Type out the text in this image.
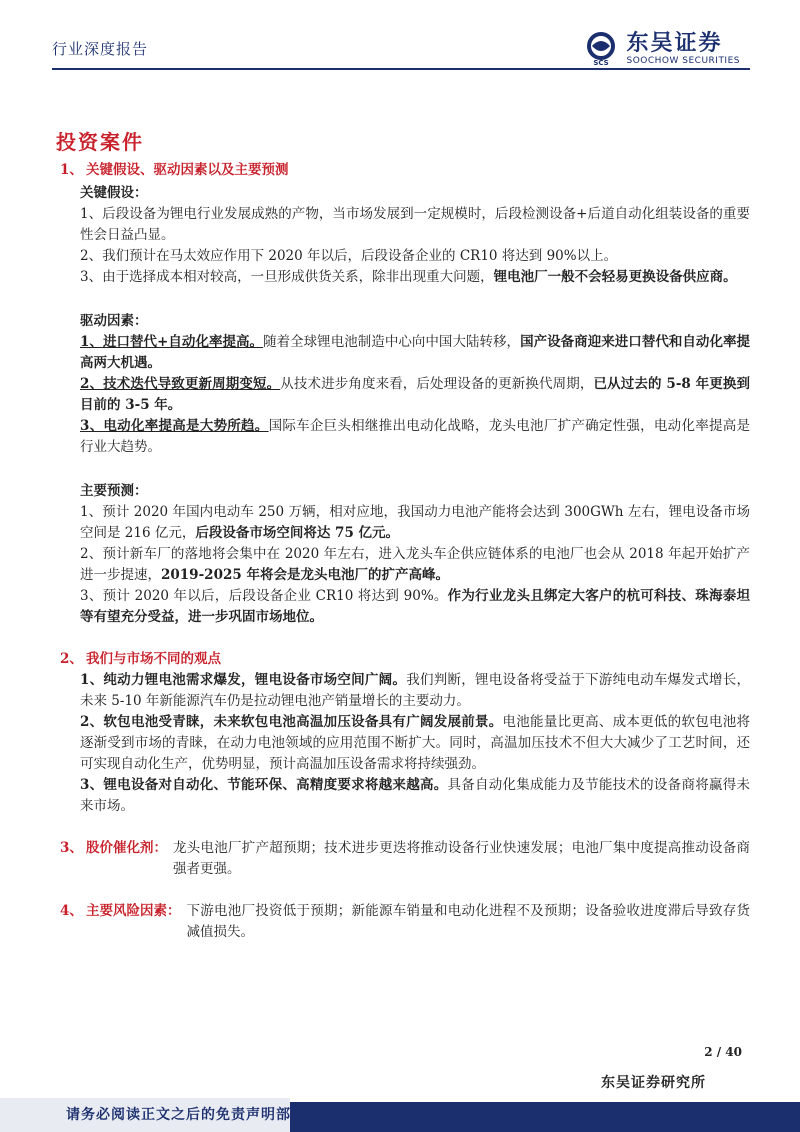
行业深度报告
SCS
东吴证券
SOOCHOW SECURITIES
投资案件

1、 关键假设、驱动因素以及主要预测

关键假设：

1、后段设备为锂电行业发展成熟的产物，当市场发展到一定规模时，后段检测设备+后道自动化组装设备的重要性会日益凸显。

2、我们预计在马太效应作用下 2020 年以后，后段设备企业的 CR10 将达到 90%以上。

3、由于选择成本相对较高，一旦形成供货关系，除非出现重大问题，锂电池厂一般不会轻易更换设备供应商。

驱动因素：

1、进口替代+自动化率提高。随着全球锂电池制造中心向中国大陆转移，国产设备商迎来进口替代和自动化率提高两大机遇。

2、技术迭代导致更新周期变短。从技术进步角度来看，后处理设备的更新换代周期，已从过去的 5-8 年更换到目前的 3-5 年。

3、电动化率提高是大势所趋。国际车企巨头相继推出电动化战略，龙头电池厂扩产确定性强，电动化率提高是行业大趋势。

主要预测：

1、预计 2020 年国内电动车 250 万辆，相对应地，我国动力电池产能将会达到 300GWh 左右，锂电设备市场空间是 216 亿元，后段设备市场空间将达 75 亿元。

2、预计新车厂的落地将会集中在 2020 年左右，进入龙头车企供应链体系的电池厂也会从 2018 年起开始扩产进一步提速，2019-2025 年将会是龙头电池厂的扩产高峰。

3、预计 2020 年以后，后段设备企业 CR10 将达到 90%。作为行业龙头且绑定大客户的杭可科技、珠海泰坦等有望充分受益，进一步巩固市场地位。

2、 我们与市场不同的观点

1、纯动力锂电池需求爆发，锂电设备市场空间广阔。我们判断，锂电设备将受益于下游纯电动车爆发式增长，未来 5-10 年新能源汽车仍是拉动锂电池产销量增长的主要动力。

2、软包电池受青睐，未来软包电池高温加压设备具有广阔发展前景。电池能量比更高、成本更低的软包电池将逐渐受到市场的青睐，在动力电池领域的应用范围不断扩大。同时，高温加压技术不但大大减少了工艺时间，还可实现自动化生产，优势明显，预计高温加压设备需求将持续强劲。

3、锂电设备对自动化、节能环保、高精度要求将越来越高。具备自动化集成能力及节能技术的设备商将赢得未来市场。

3、 股价催化剂： 龙头电池厂扩产超预期；技术进步更迭将推动设备行业快速发展；电池厂集中度提高推动设备商强者更强。
4、 主要风险因素： 下游电池厂投资低于预期；新能源车销量和电动化进程不及预期；设备验收进度滞后导致存货减值损失。
2 / 40
东吴证券研究所
请务必阅读正文之后的免责声明部
